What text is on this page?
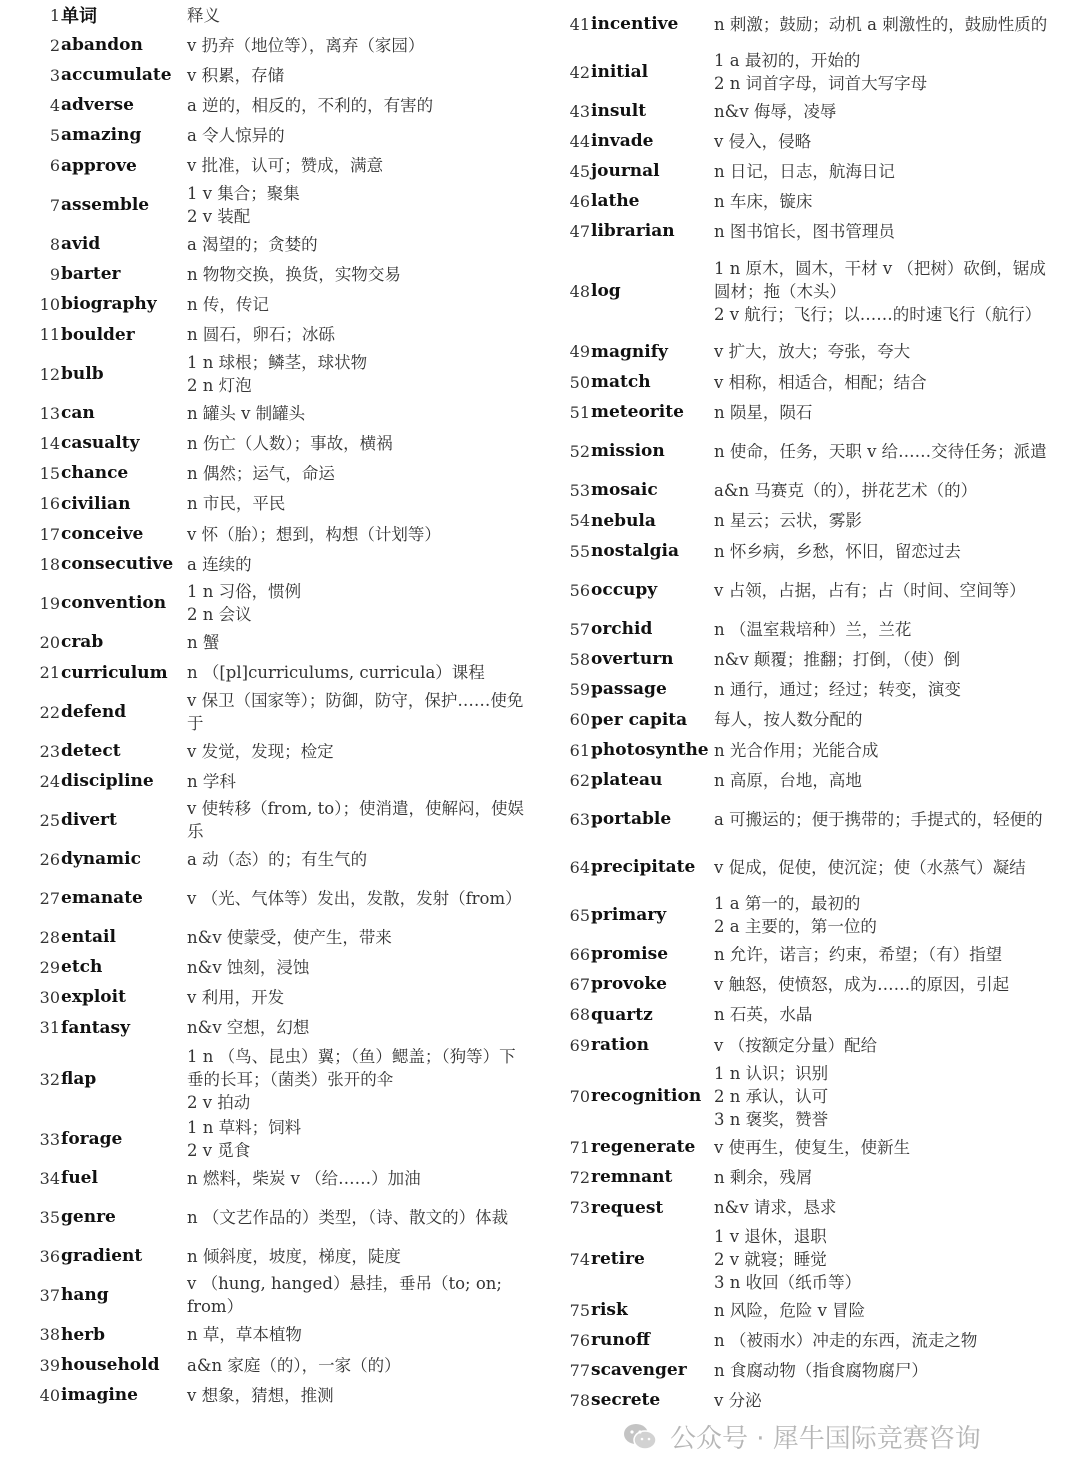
1 单词	释义
2 abandon	v 扔弃（地位等），离弃（家园）
3 accumulate v 积累，存储
4 adverse	a 逆的，相反的，不利的，有害的
5 amazing	a 令人惊异的
6 approve	v 批准，认可；赞成，满意
7 assemble
1 v 集合；聚集
2 v 装配
8 avid	a 渴望的；贪婪的
9 barter	n 物物交换，换货，实物交易
10 biography	n 传，传记
11 boulder	n 圆石，卵石；冰砾
12 bulb
1 n 球根；鳞茎，球状物
2 n 灯泡
13 can	n 罐头 v 制罐头
14 casualty	n 伤亡（人数）；事故，横祸
15 chance	n 偶然；运气，命运
16 civilian	n 市民，平民
17 conceive	v 怀（胎）；想到，构想（计划等）
18 consecutive a 连续的
19 convention
1 n 习俗，惯例
2 n 会议
20 crab	n 蟹
21 curriculum	n （[pl]curriculums, curricula）课程
22 defend
v 保卫（国家等）；防御，防守，保护……使免于
23 detect	v 发觉，发现；检定
24 discipline	n 学科
25 divert
v 使转移（from, to）；使消遣，使解闷，使娱乐
26 dynamic	a 动（态）的；有生气的
27 emanate	v （光、气体等）发出，发散，发射（from）
28 entail	n&v 使蒙受，使产生，带来
29 etch	n&v 蚀刻，浸蚀
30 exploit	v 利用，开发
31 fantasy	n&v 空想，幻想
32 flap
1 n （鸟、昆虫）翼；（鱼）鳃盖；（狗等）下垂的长耳；（菌类）张开的伞
2 v 拍动
33 forage
1 n 草料；饲料
2 v 觅食
34 fuel	n 燃料，柴炭 v （给……）加油
35 genre	n （文艺作品的）类型，（诗、散文的）体裁
36 gradient	n 倾斜度，坡度，梯度，陡度
37 hang
v （hung, hanged）悬挂，垂吊（to; on; from）
38 herb	n 草，草本植物
39 household	a&n 家庭（的），一家（的）
40 imagine	v 想象，猜想，推测
41 incentive	n 刺激；鼓励；动机 a 刺激性的，鼓励性质的
42 initial
1 a 最初的，开始的
2 n 词首字母，词首大写字母
43 insult	n&v 侮辱，凌辱
44 invade	v 侵入，侵略
45 journal	n 日记，日志，航海日记
46 lathe	n 车床，镟床
47 librarian	n 图书馆长，图书管理员
48 log
1 n 原木，圆木，干材 v （把树）砍倒，锯成圆材；拖（木头）
2 v 航行；飞行；以……的时速飞行（航行）
49 magnify	v 扩大，放大；夸张，夸大
50 match	v 相称，相适合，相配；结合
51 meteorite	n 陨星，陨石
52 mission	n 使命，任务，天职 v 给……交待任务；派遣
53 mosaic	a&n 马赛克（的），拼花艺术（的）
54 nebula	n 星云；云状，雾影
55 nostalgia	n 怀乡病，乡愁，怀旧，留恋过去
56 occupy	v 占领，占据，占有；占（时间、空间等）
57 orchid	n （温室栽培种）兰，兰花
58 overturn	n&v 颠覆；推翻；打倒，（使）倒
59 passage	n 通行，通过；经过；转变，演变
60 per capita	每人，按人数分配的
61 photosynthe n 光合作用；光能合成
62 plateau	n 高原，台地，高地
63 portable	a 可搬运的；便于携带的；手提式的，轻便的
64 precipitate	v 促成，促使，使沉淀；使（水蒸气）凝结
65 primary
1 a 第一的，最初的
2 a 主要的，第一位的
66 promise	n 允许，诺言；约束，希望；（有）指望
67 provoke	v 触怒，使愤怒，成为……的原因，引起
68 quartz	n 石英，水晶
69 ration	v （按额定分量）配给
70 recognition
1 n 认识；识别
2 n 承认，认可
3 n 褒奖，赞誉
71 regenerate	v 使再生，使复生，使新生
72 remnant	n 剩余，残屑
73 request	n&v 请求，恳求
74 retire
1 v 退休，退职
2 v 就寝；睡觉
3 n 收回（纸币等）
75 risk	n 风险，危险 v 冒险
76 runoff	n （被雨水）冲走的东西，流走之物
77 scavenger	n 食腐动物（指食腐物腐尸）
78 secrete	v 分泌
公众号 · 犀牛国际竞赛咨询
